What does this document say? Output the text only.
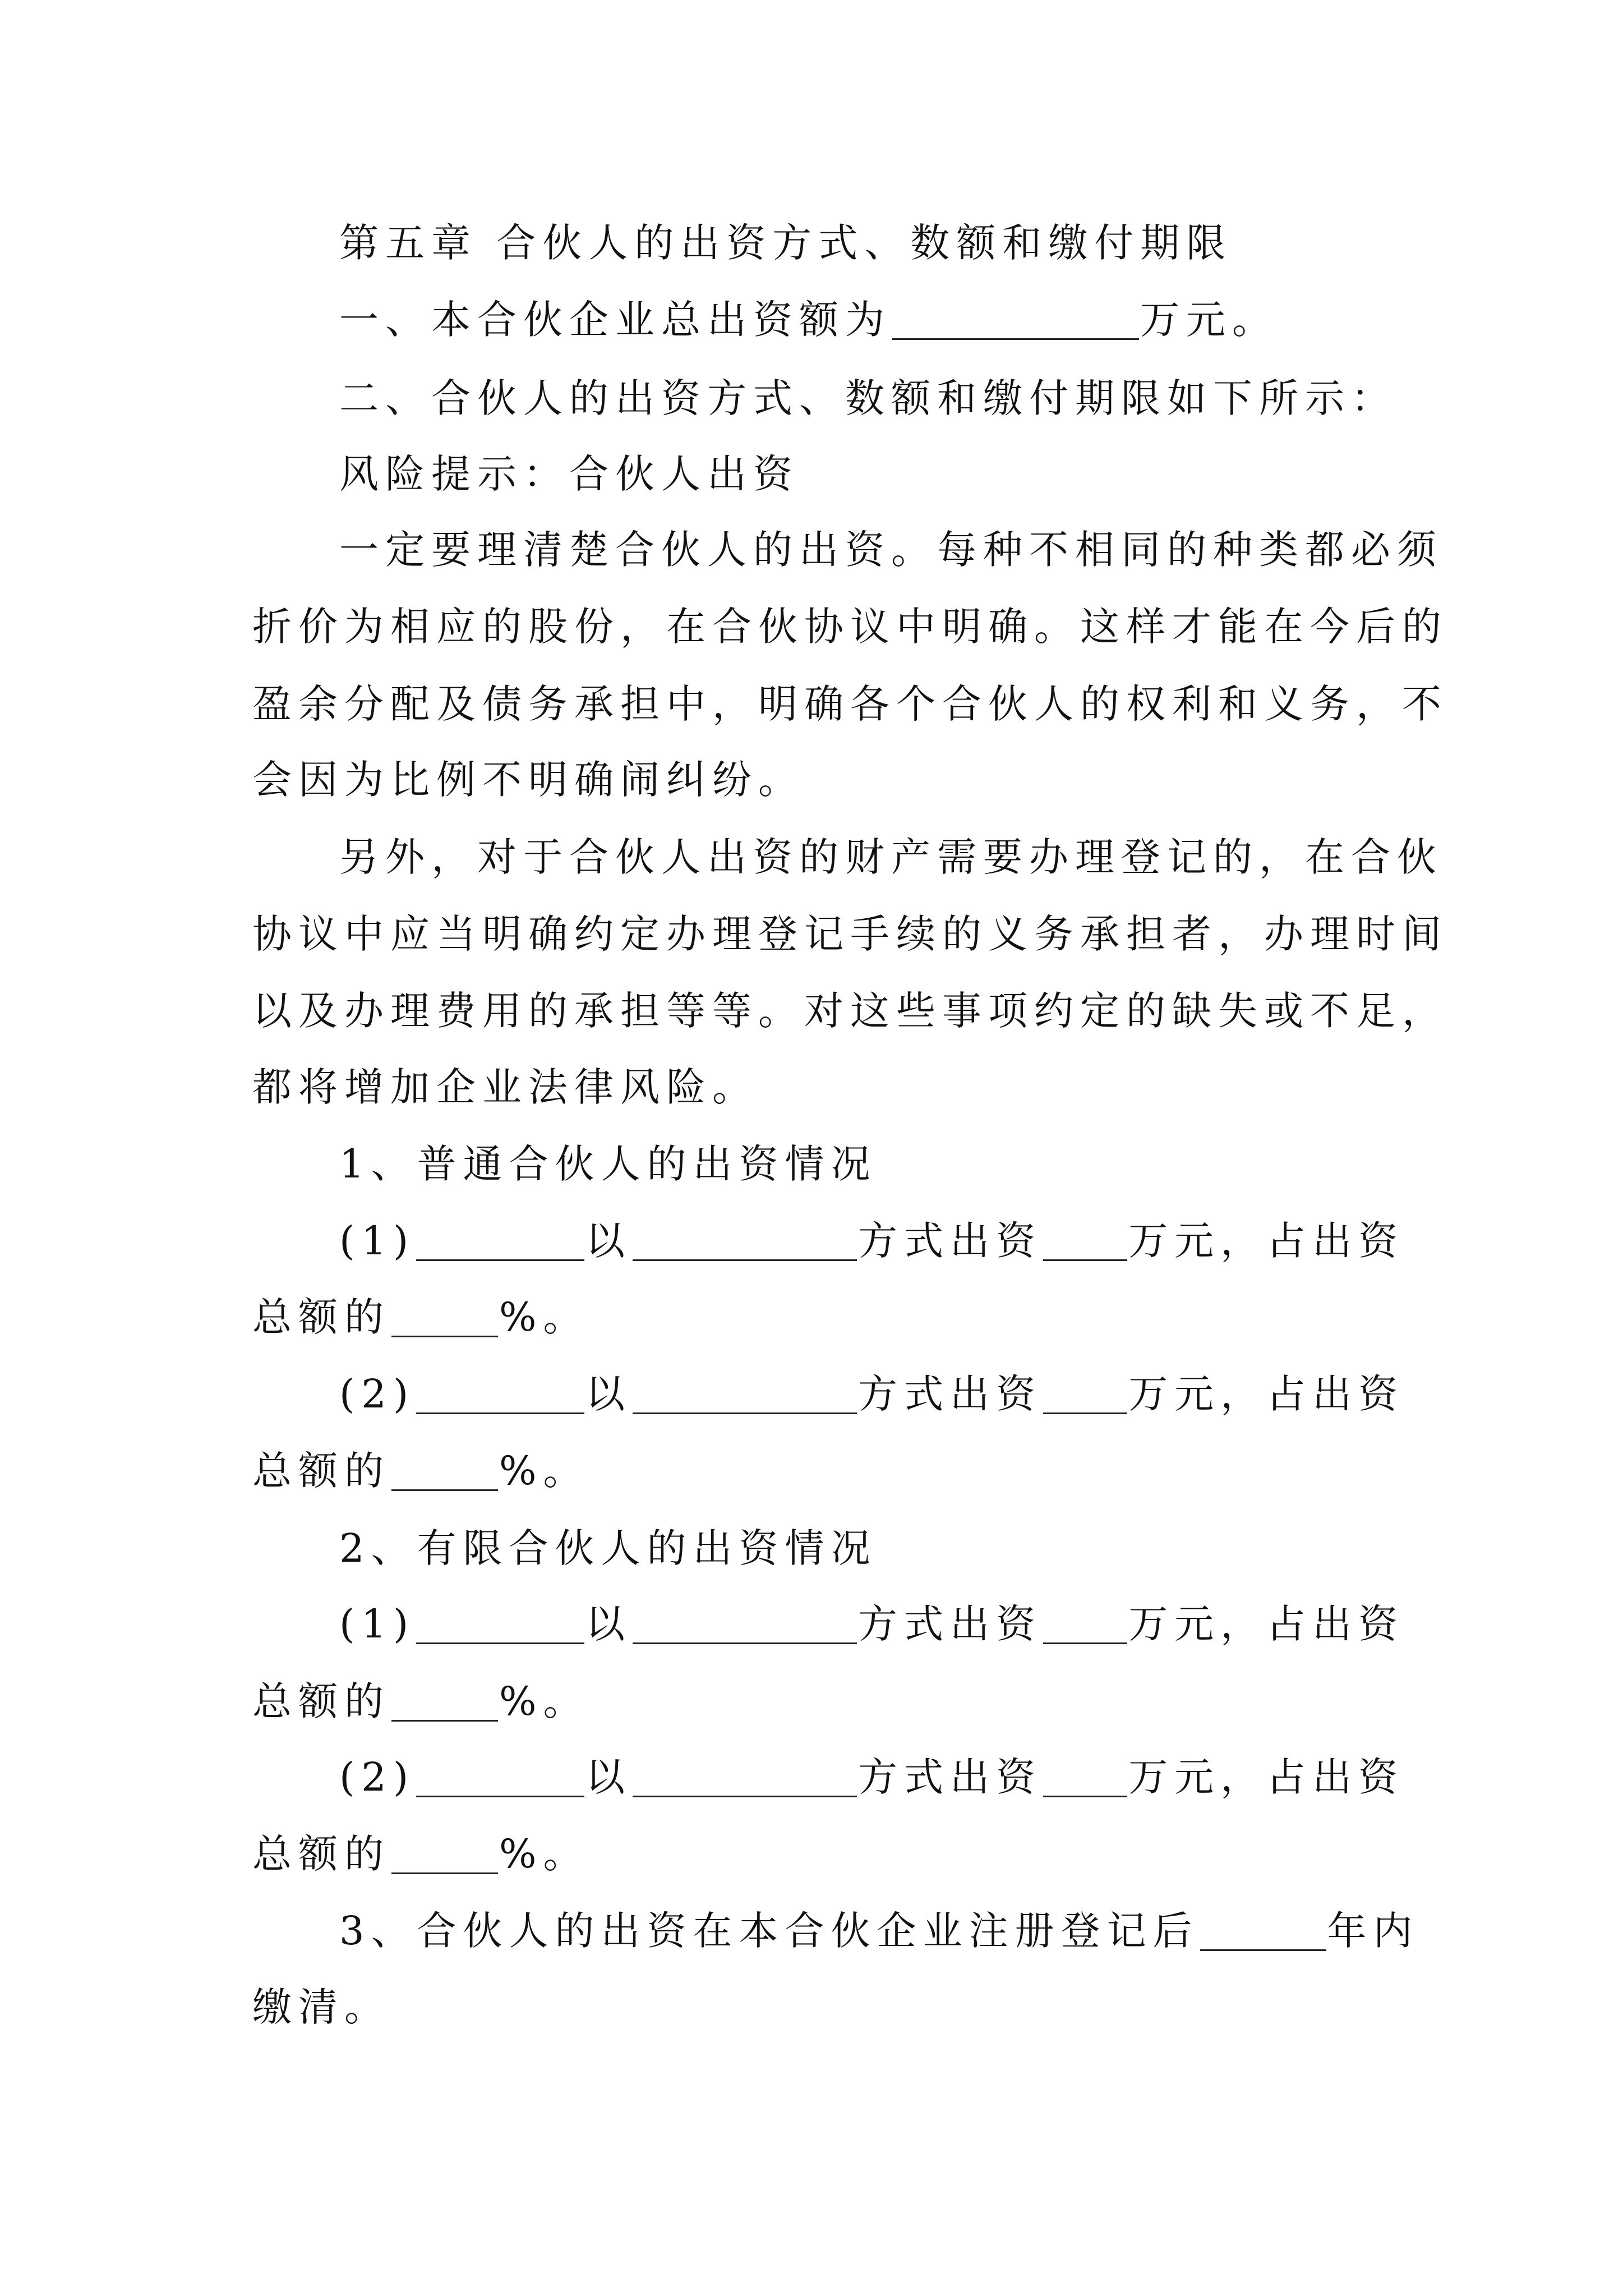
第五章 合伙人的出资方式、数额和缴付期限

一、本合伙企业总出资额为	万元。

二、合伙人的出资方式、数额和缴付期限如下所示：

风险提示：合伙人出资

一定要理清楚合伙人的出资。每种不相同的种类都必须

折价为相应的股份，在合伙协议中明确。这样才能在今后的

盈余分配及债务承担中，明确各个合伙人的权利和义务，不

会因为比例不明确闹纠纷。

另外，对于合伙人出资的财产需要办理登记的，在合伙

协议中应当明确约定办理登记手续的义务承担者，办理时间

以及办理费用的承担等等。对这些事项约定的缺失或不足，

都将增加企业法律风险。

1、普通合伙人的出资情况

(1)	以	方式出资 万元，占出资

总额的	%。

(2)	以	方式出资 万元，占出资

总额的	%。

2、有限合伙人的出资情况

(1)	以	方式出资 万元，占出资

总额的	%。

(2)	以	方式出资 万元，占出资

总额的	%。

3、合伙人的出资在本合伙企业注册登记后	年内

缴清。
